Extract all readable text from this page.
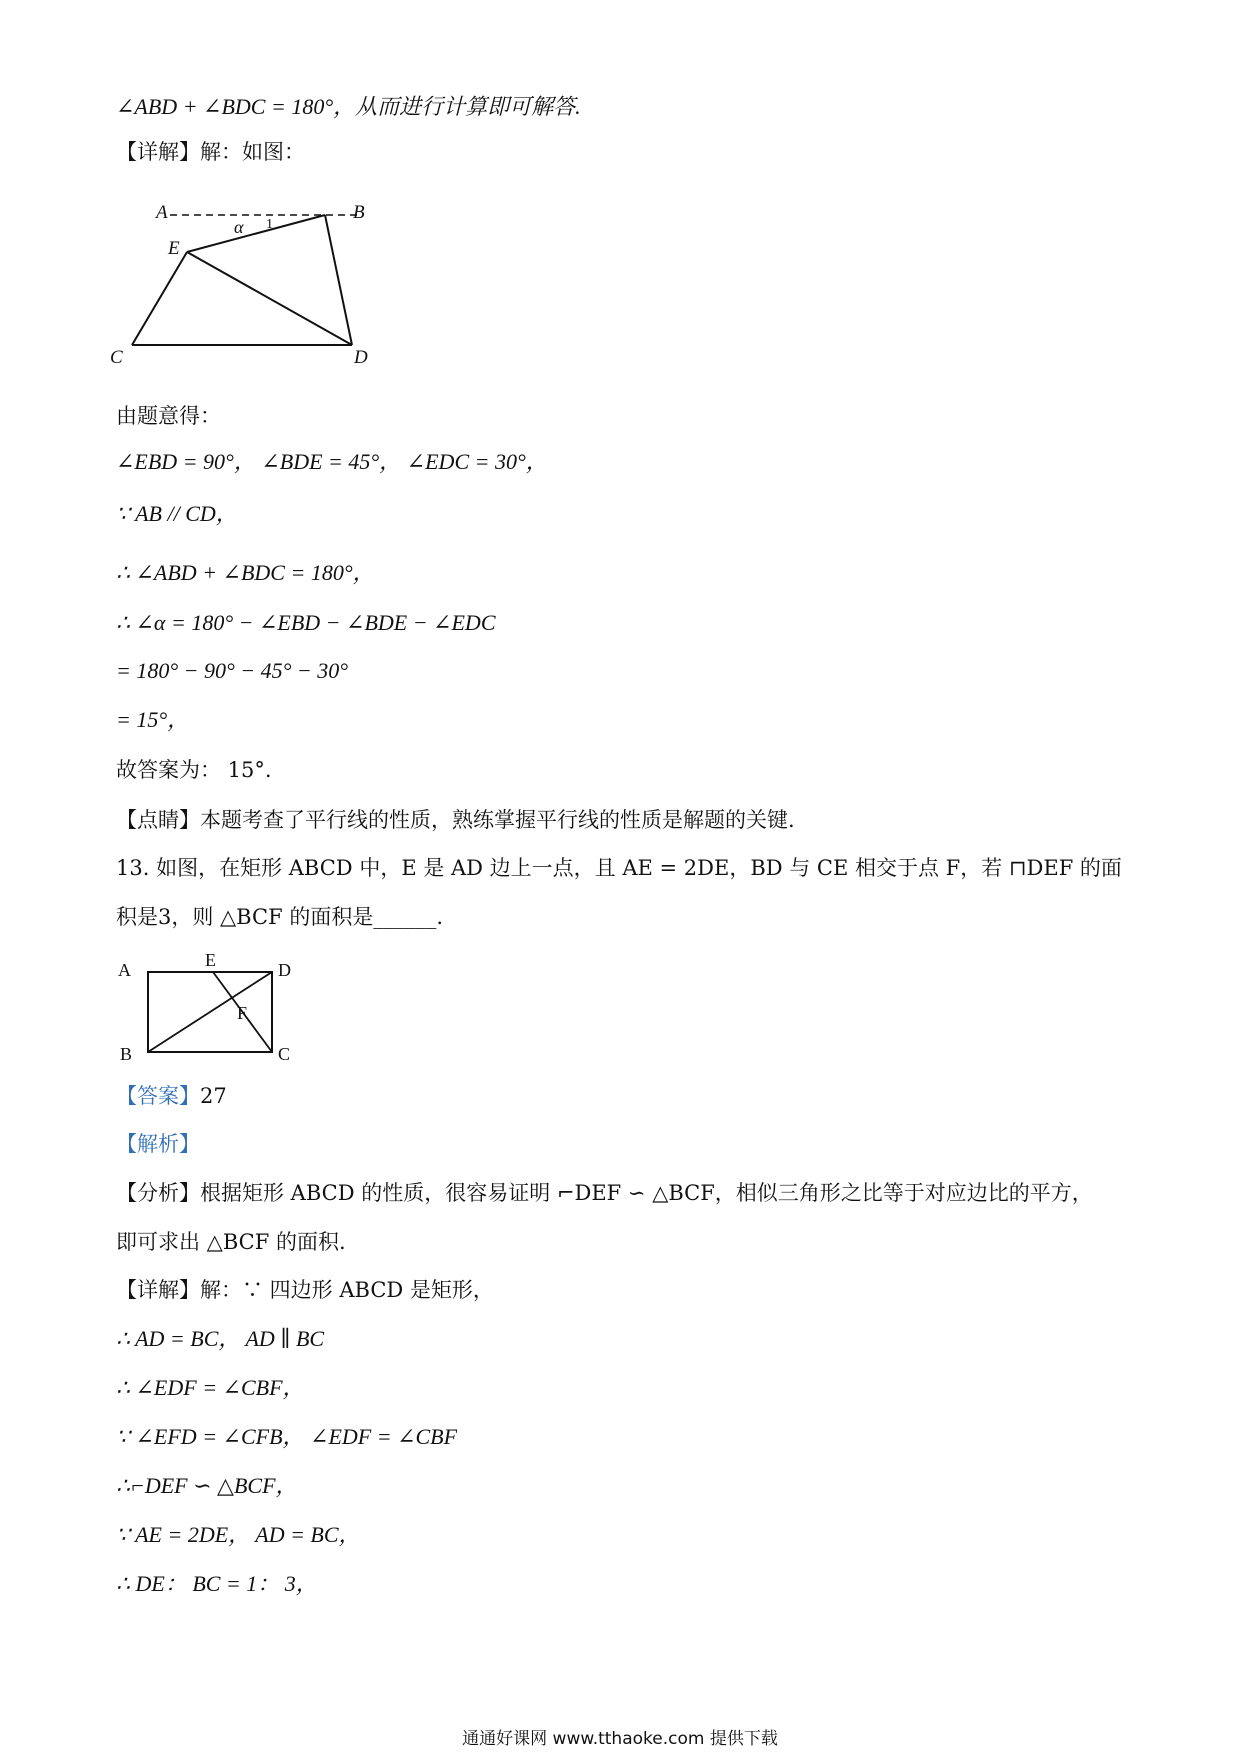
∠ABD + ∠BDC = 180°，从而进行计算即可解答.
【详解】解：如图：
A	B
E
C	D
α 1
由题意得：
∠EBD = 90°， ∠BDE = 45°， ∠EDC = 30°，
∵ AB // CD，
∴ ∠ABD + ∠BDC = 180°，
∴ ∠α = 180° − ∠EBD − ∠BDE − ∠EDC
= 180° − 90° − 45° − 30°
= 15°，
故答案为： 15°.
【点睛】本题考查了平行线的性质，熟练掌握平行线的性质是解题的关键.
13. 如图，在矩形 ABCD 中，E 是 AD 边上一点，且 AE = 2DE，BD 与 CE 相交于点 F，若 ⊓DEF 的面
积是3，则 △BCF 的面积是______.
A	E	D
F
B	C
【答案】27
【解析】
【分析】根据矩形 ABCD 的性质，很容易证明 ⌐DEF ∽ △BCF，相似三角形之比等于对应边比的平方，
即可求出 △BCF 的面积.
【详解】解：∵ 四边形 ABCD 是矩形，
∴ AD = BC， AD ∥ BC
∴ ∠EDF = ∠CBF，
∵ ∠EFD = ∠CFB， ∠EDF = ∠CBF
∴⌐DEF ∽ △BCF，
∵ AE = 2DE， AD = BC，
∴ DE： BC = 1： 3，
通通好课网 www.tthaoke.com 提供下载
